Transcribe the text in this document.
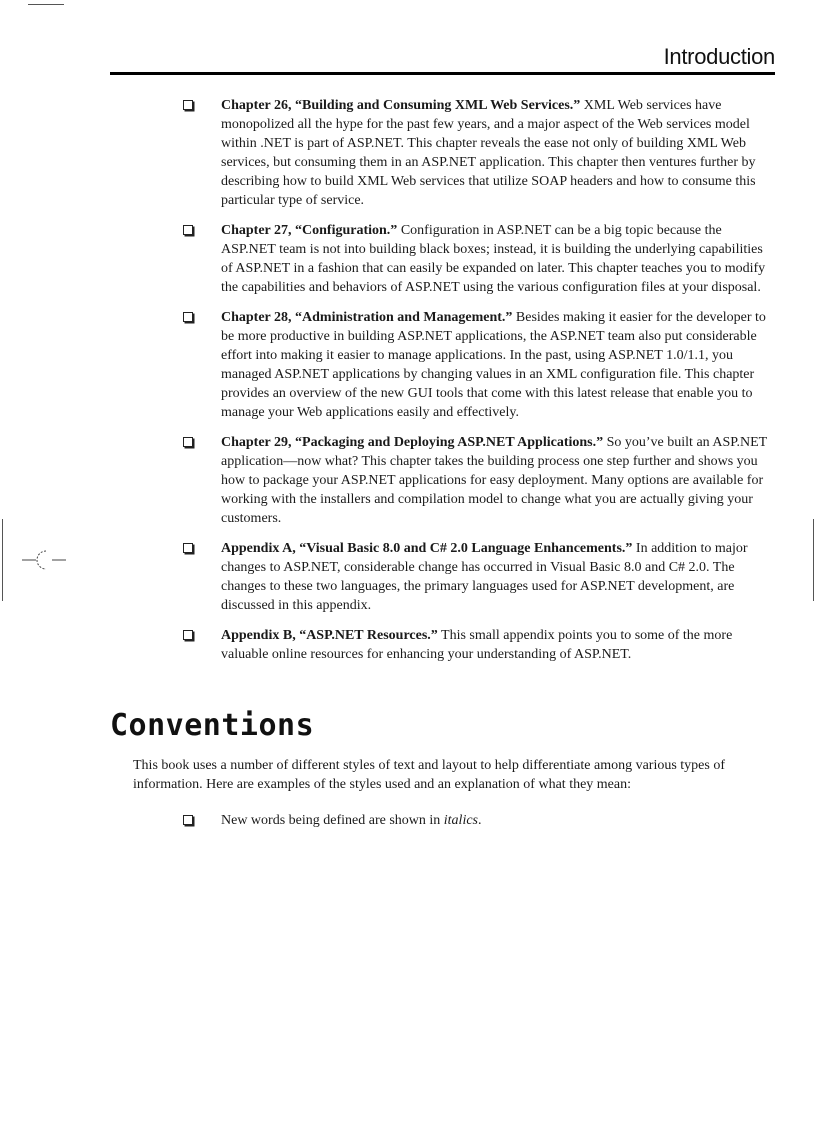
Introduction
Chapter 26, “Building and Consuming XML Web Services.” XML Web services have monopolized all the hype for the past few years, and a major aspect of the Web services model within .NET is part of ASP.NET. This chapter reveals the ease not only of building XML Web services, but consuming them in an ASP.NET application. This chapter then ventures further by describing how to build XML Web services that utilize SOAP headers and how to consume this particular type of service.
Chapter 27, “Configuration.” Configuration in ASP.NET can be a big topic because the ASP.NET team is not into building black boxes; instead, it is building the underlying capabilities of ASP.NET in a fashion that can easily be expanded on later. This chapter teaches you to modify the capabilities and behaviors of ASP.NET using the various configuration files at your disposal.
Chapter 28, “Administration and Management.” Besides making it easier for the developer to be more productive in building ASP.NET applications, the ASP.NET team also put considerable effort into making it easier to manage applications. In the past, using ASP.NET 1.0/1.1, you managed ASP.NET applications by changing values in an XML configuration file. This chapter provides an overview of the new GUI tools that come with this latest release that enable you to manage your Web applications easily and effectively.
Chapter 29, “Packaging and Deploying ASP.NET Applications.” So you’ve built an ASP.NET application—now what? This chapter takes the building process one step further and shows you how to package your ASP.NET applications for easy deployment. Many options are available for working with the installers and compilation model to change what you are actually giving your customers.
Appendix A, “Visual Basic 8.0 and C# 2.0 Language Enhancements.” In addition to major changes to ASP.NET, considerable change has occurred in Visual Basic 8.0 and C# 2.0. The changes to these two languages, the primary languages used for ASP.NET development, are discussed in this appendix.
Appendix B, “ASP.NET Resources.” This small appendix points you to some of the more valuable online resources for enhancing your understanding of ASP.NET.
Conventions

This book uses a number of different styles of text and layout to help differentiate among various types of information. Here are examples of the styles used and an explanation of what they mean:

New words being defined are shown in italics.
